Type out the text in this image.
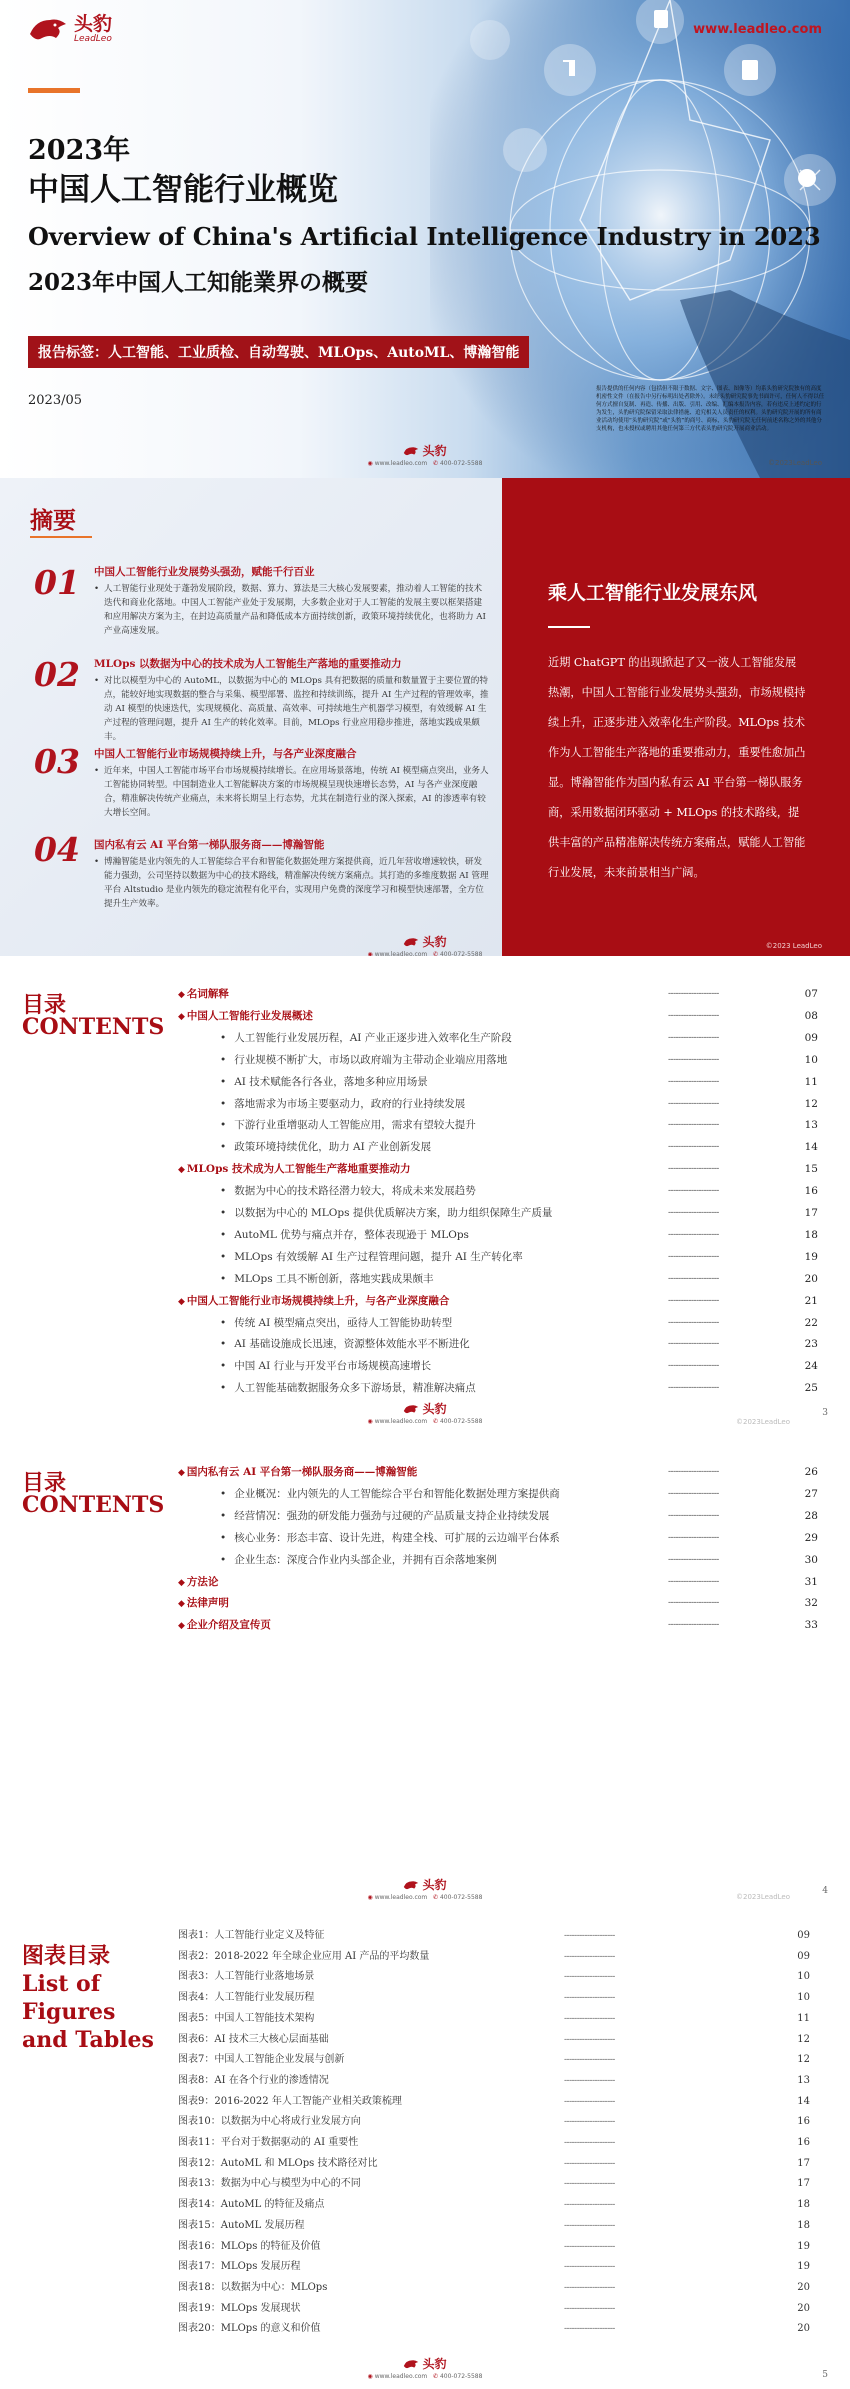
头豹
LeadLeo
www.leadleo.com
2023年
中国人工智能行业概览
Overview of China's Artificial Intelligence Industry in 2023
2023年中国人工知能業界の概要
报告标签：人工智能、工业质检、自动驾驶、MLOps、AutoML、博瀚智能
2023/05
报告提供的任何内容（包括但不限于数据、文字、图表、图像等）均系头豹研究院独有的高度机密性文件（在报告中另行标明出处者除外）。未经头豹研究院事先书面许可，任何人不得以任何方式擅自复制、再造、传播、出版、引用、改编、汇编本报告内容，若有违反上述约定的行为发生，头豹研究院保留采取法律措施、追究相关人员责任的权利。头豹研究院开展的所有商业活动均使用“头豹研究院”或“头豹”的商号、商标，头豹研究院无任何前述名称之外的其他分支机构，也未授权或聘用其他任何第三方代表头豹研究院开展商业活动。
©2023LeadLeo
头豹
◉ www.leadleo.com ✆ 400-072-5588
摘要
01 中国人工智能行业发展势头强劲，赋能千行百业
• 人工智能行业现处于蓬勃发展阶段，数据、算力、算法是三大核心发展要素，推动着人工智能的技术迭代和商业化落地。中国人工智能产业处于发展期，大多数企业对于人工智能的发展主要以框架搭建和应用解决方案为主，在封边高质量产品和降低成本方面持续创新，政策环境持续优化，也将助力 AI 产业高速发展。
02 MLOps 以数据为中心的技术成为人工智能生产落地的重要推动力
• 对比以模型为中心的 AutoML，以数据为中心的 MLOps 具有把数据的质量和数量置于主要位置的特点，能较好地实现数据的整合与采集、模型部署、监控和持续训练，提升 AI 生产过程的管理效率，推动 AI 模型的快速迭代，实现规模化、高质量、高效率、可持续地生产机器学习模型，有效缓解 AI 生产过程的管理问题，提升 AI 生产的转化效率。目前，MLOps 行业应用稳步推进，落地实践成果颇丰。
03 中国人工智能行业市场规模持续上升，与各产业深度融合
• 近年来，中国人工智能市场平台市场规模持续增长。在应用场景落地，传统 AI 模型痛点突出，业务人工智能协同转型。中国制造业人工智能解决方案的市场规模呈现快速增长态势，AI 与各产业深度融合，精准解决传统产业痛点，未来将长期呈上行态势，尤其在制造行业的深入探索，AI 的渗透率有较大增长空间。
04 国内私有云 AI 平台第一梯队服务商——博瀚智能
• 博瀚智能是业内领先的人工智能综合平台和智能化数据处理方案提供商，近几年营收增速较快，研发能力强劲，公司坚持以数据为中心的技术路线，精准解决传统方案痛点。其打造的多维度数据 AI 管理平台 Altstudio 是业内领先的稳定流程有化平台，实现用户免费的深度学习和模型快速部署，全方位提升生产效率。
乘人工智能行业发展东风
近期 ChatGPT 的出现掀起了又一波人工智能发展热潮，中国人工智能行业发展势头强劲，市场规模持续上升，正逐步进入效率化生产阶段。MLOps 技术作为人工智能生产落地的重要推动力，重要性愈加凸显。博瀚智能作为国内私有云 AI 平台第一梯队服务商，采用数据闭环驱动 + MLOps 的技术路线，提供丰富的产品精准解决传统方案痛点，赋能人工智能行业发展，未来前景相当广阔。
©2023 LeadLeo
头豹
◉ www.leadleo.com ✆ 400-072-5588
目录
CONTENTS
◆ 名词解释	--------------------	07
◆ 中国人工智能行业发展概述	--------------------	08
• 人工智能行业发展历程，AI 产业正逐步进入效率化生产阶段	--------------------	09
• 行业规模不断扩大，市场以政府端为主带动企业端应用落地	--------------------	10
• AI 技术赋能各行各业，落地多种应用场景	--------------------	11
• 落地需求为市场主要驱动力，政府的行业持续发展	--------------------	12
• 下游行业重增驱动人工智能应用，需求有望较大提升	--------------------	13
• 政策环境持续优化，助力 AI 产业创新发展	--------------------	14
◆ MLOps 技术成为人工智能生产落地重要推动力	--------------------	15
• 数据为中心的技术路径潜力较大，将成未来发展趋势	--------------------	16
• 以数据为中心的 MLOps 提供优质解决方案，助力组织保障生产质量	--------------------	17
• AutoML 优势与痛点并存，整体表现逊于 MLOps	--------------------	18
• MLOps 有效缓解 AI 生产过程管理问题，提升 AI 生产转化率	--------------------	19
• MLOps 工具不断创新，落地实践成果颇丰	--------------------	20
◆ 中国人工智能行业市场规模持续上升，与各产业深度融合	--------------------	21
• 传统 AI 模型痛点突出，亟待人工智能协助转型	--------------------	22
• AI 基础设施成长迅速，资源整体效能水平不断进化	--------------------	23
• 中国 AI 行业与开发平台市场规模高速增长	--------------------	24
• 人工智能基础数据服务众多下游场景，精准解决痛点	--------------------	25
头豹
◉ www.leadleo.com ✆ 400-072-5588	©2023LeadLeo
3
目录
CONTENTS
◆ 国内私有云 AI 平台第一梯队服务商——博瀚智能	--------------------	26
• 企业概况：业内领先的人工智能综合平台和智能化数据处理方案提供商	--------------------	27
• 经营情况：强劲的研发能力强劲与过硬的产品质量支持企业持续发展	--------------------	28
• 核心业务：形态丰富、设计先进，构建全栈、可扩展的云边端平台体系	--------------------	29
• 企业生态：深度合作业内头部企业，并拥有百余落地案例	--------------------	30
◆ 方法论	--------------------	31
◆ 法律声明	--------------------	32
◆ 企业介绍及宣传页	--------------------	33
头豹
◉ www.leadleo.com ✆ 400-072-5588	©2023LeadLeo
4
图表目录
List of
Figures
and Tables
图表1：人工智能行业定义及特征	--------------------	09
图表2：2018-2022 年全球企业应用 AI 产品的平均数量	--------------------	09
图表3：人工智能行业落地场景	--------------------	10
图表4：人工智能行业发展历程	--------------------	10
图表5：中国人工智能技术架构	--------------------	11
图表6：AI 技术三大核心层面基础	--------------------	12
图表7：中国人工智能企业发展与创新	--------------------	12
图表8：AI 在各个行业的渗透情况	--------------------	13
图表9：2016-2022 年人工智能产业相关政策梳理	--------------------	14
图表10：以数据为中心将成行业发展方向	--------------------	16
图表11：平台对于数据驱动的 AI 重要性	--------------------	16
图表12：AutoML 和 MLOps 技术路径对比	--------------------	17
图表13：数据为中心与模型为中心的不同	--------------------	17
图表14：AutoML 的特征及痛点	--------------------	18
图表15：AutoML 发展历程	--------------------	18
图表16：MLOps 的特征及价值	--------------------	19
图表17：MLOps 发展历程	--------------------	19
图表18：以数据为中心：MLOps	--------------------	20
图表19：MLOps 发展现状	--------------------	20
图表20：MLOps 的意义和价值	--------------------	20
头豹
◉ www.leadleo.com ✆ 400-072-5588	5
